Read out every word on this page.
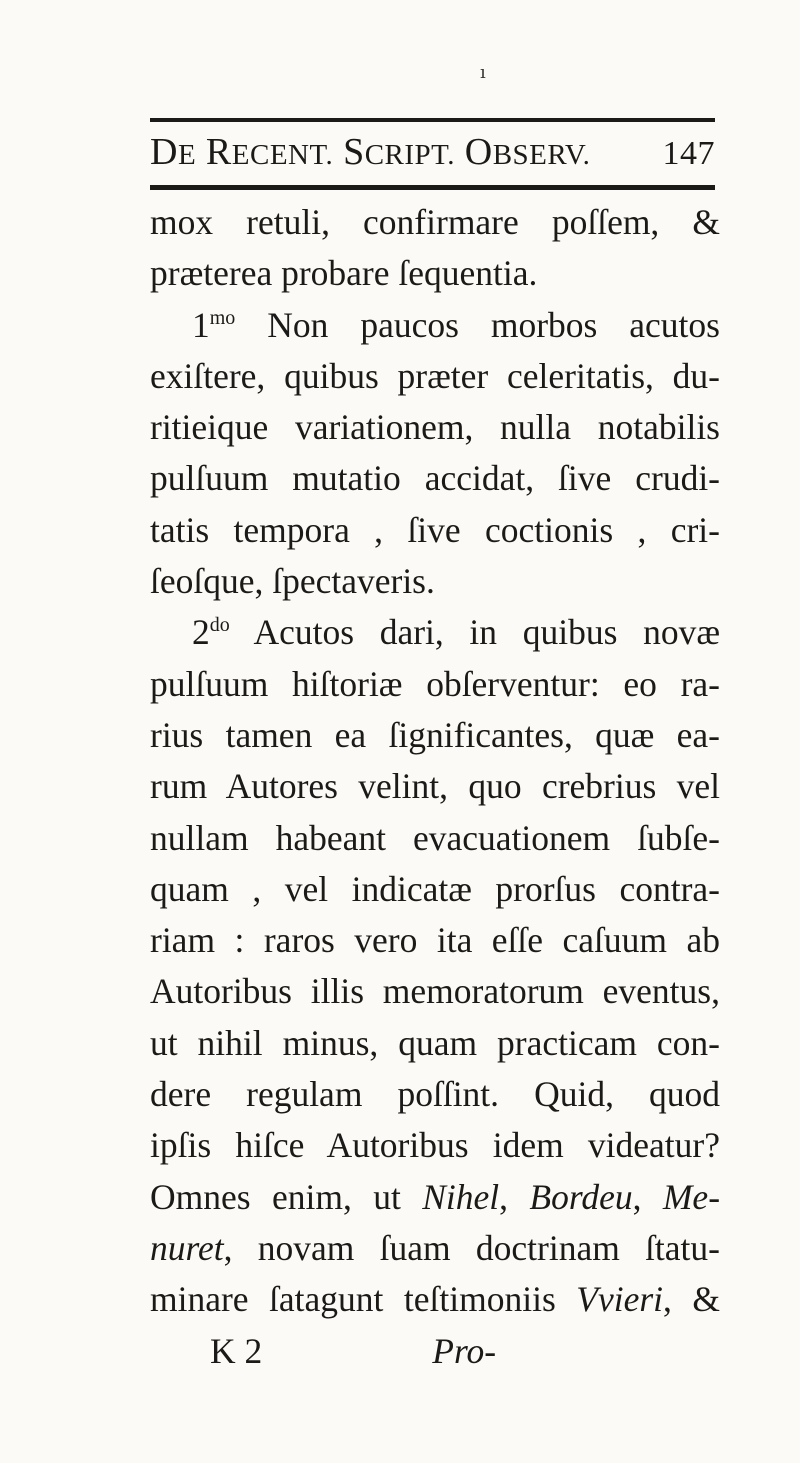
ı
DE RECENT. SCRIPT. OBSERV. 147
mox retuli, confirmare poſſem, &
præterea probare ſequentia.
$1^{mo}$ Non paucos morbos acutos
exiſtere, quibus præter celeritatis, du-
ritieique variationem, nulla notabilis
pulſuum mutatio accidat, ſive crudi-
tatis tempora , ſive coctionis , cri-
ſeoſque, ſpectaveris.
$2^{do}$ Acutos dari, in quibus novæ
pulſuum hiſtoriæ obſerventur: eo ra-
rius tamen ea ſignificantes, quæ ea-
rum Autores velint, quo crebrius vel
nullam habeant evacuationem ſubſe-
quam , vel indicatæ prorſus contra-
riam : raros vero ita eſſe caſuum ab
Autoribus illis memoratorum eventus,
ut nihil minus, quam practicam con-
dere regulam poſſint. Quid, quod
ipſis hiſce Autoribus idem videatur?
Omnes enim, ut Nihel, Bordeu, Me-
nuret, novam ſuam doctrinam ſtatu-
minare ſatagunt teſtimoniis Vvieri, &
K 2	Pro-
